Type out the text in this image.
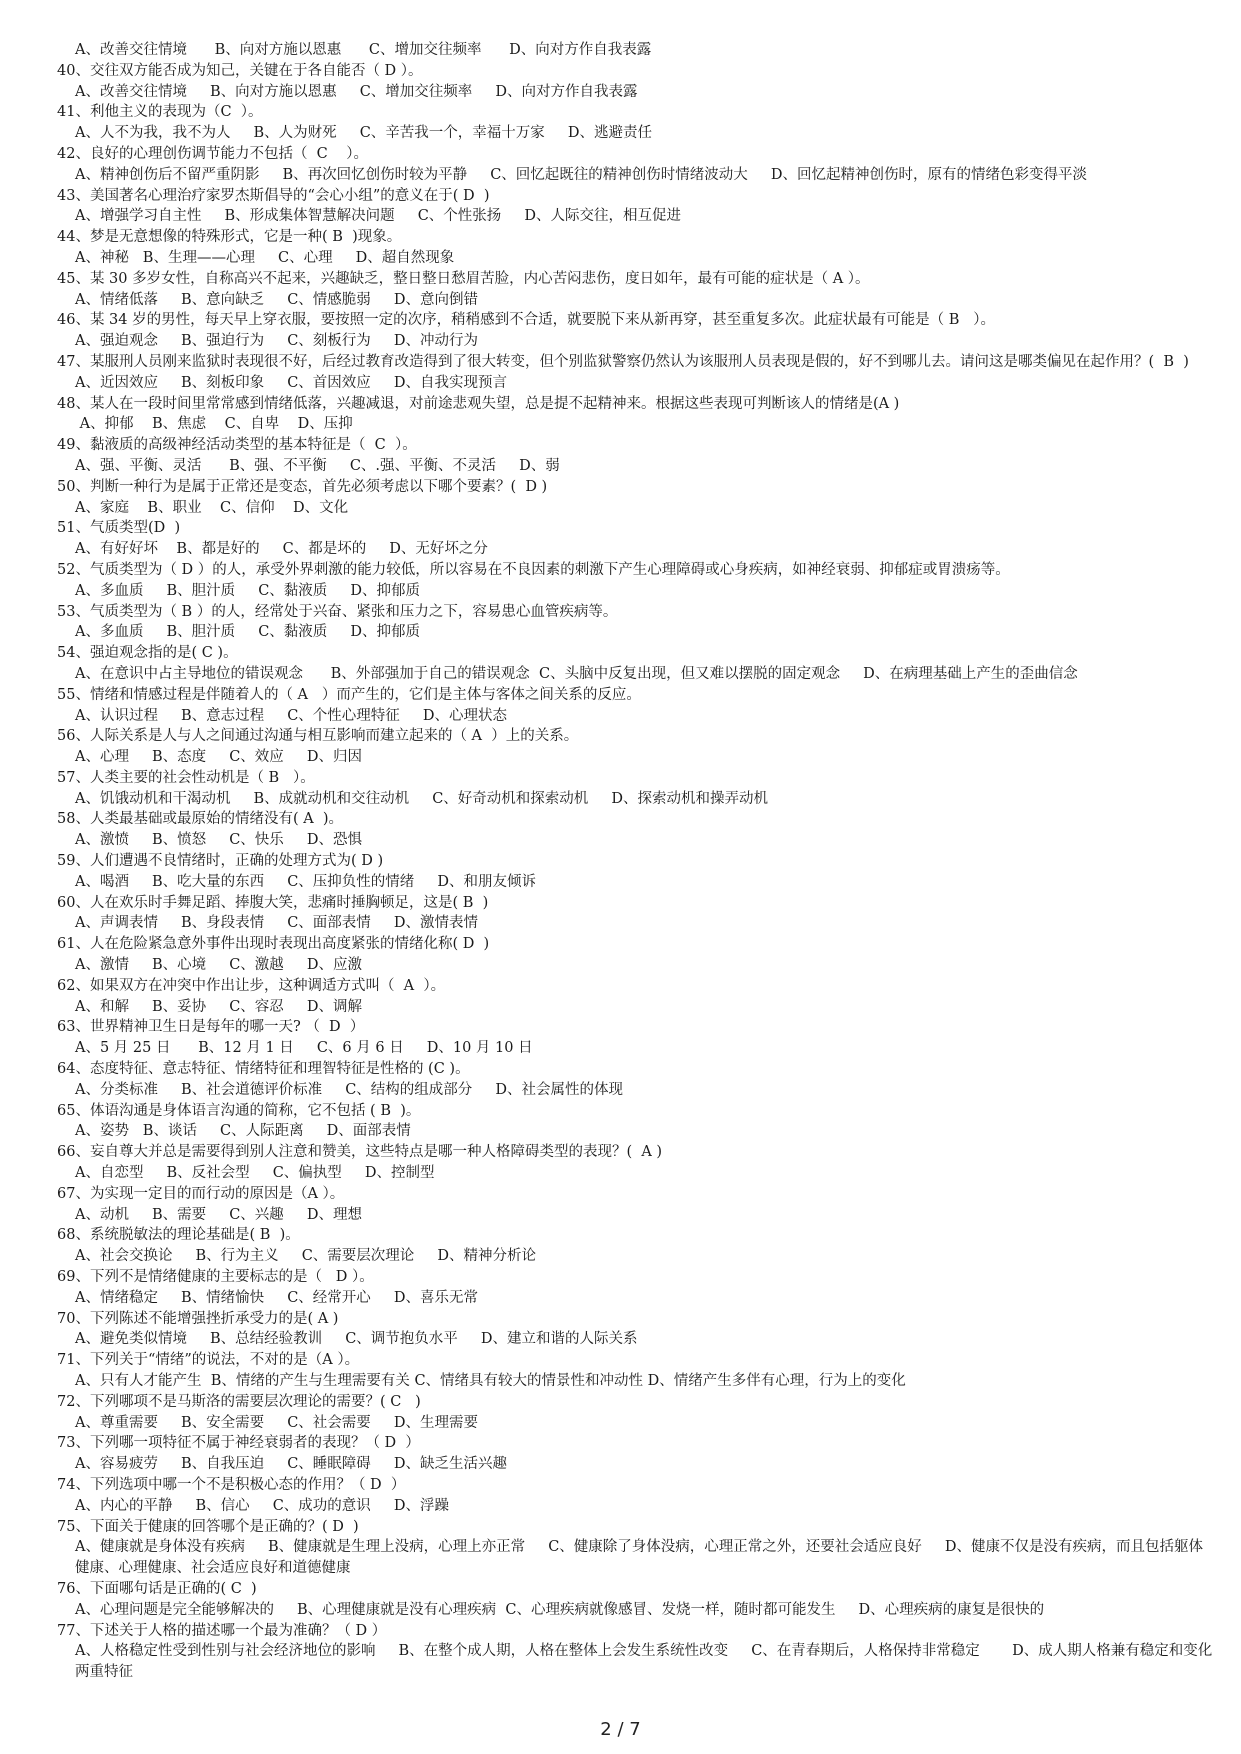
A、改善交往情境      B、向对方施以恩惠      C、增加交往频率      D、向对方作自我表露
40、交往双方能否成为知己，关键在于各自能否（ D ）。
A、改善交往情境     B、向对方施以恩惠     C、增加交往频率     D、向对方作自我表露
41、利他主义的表现为（C  ）。
A、人不为我，我不为人     B、人为财死     C、辛苦我一个，幸福十万家     D、逃避责任
42、良好的心理创伤调节能力不包括（  C    ）。
A、精神创伤后不留严重阴影     B、再次回忆创伤时较为平静     C、回忆起既往的精神创伤时情绪波动大     D、回忆起精神创伤时，原有的情绪色彩变得平淡
43、美国著名心理治疗家罗杰斯倡导的“会心小组”的意义在于( D  )
A、增强学习自主性     B、形成集体智慧解决问题     C、个性张扬     D、人际交往，相互促进
44、梦是无意想像的特殊形式，它是一种( B  )现象。
A、神秘   B、生理——心理     C、心理     D、超自然现象
45、某 30 多岁女性，自称高兴不起来，兴趣缺乏，整日整日愁眉苦脸，内心苦闷悲伤，度日如年，最有可能的症状是（ A ）。
A、情绪低落     B、意向缺乏     C、情感脆弱     D、意向倒错
46、某 34 岁的男性，每天早上穿衣服，要按照一定的次序，稍稍感到不合适，就要脱下来从新再穿，甚至重复多次。此症状最有可能是（ B   ）。
A、强迫观念     B、强迫行为     C、刻板行为     D、冲动行为
47、某服刑人员刚来监狱时表现很不好，后经过教育改造得到了很大转变，但个别监狱警察仍然认为该服刑人员表现是假的，好不到哪儿去。请问这是哪类偏见在起作用？(  B  )
A、近因效应     B、刻板印象     C、首因效应     D、自我实现预言
48、某人在一段时间里常常感到情绪低落，兴趣减退，对前途悲观失望，总是提不起精神来。根据这些表现可判断该人的情绪是(A )
A、抑郁    B、焦虑    C、自卑    D、压抑
49、黏液质的高级神经活动类型的基本特征是（  C  ）。
A、强、平衡、灵活      B、强、不平衡     C、.强、平衡、不灵活     D、弱
50、判断一种行为是属于正常还是变态，首先必须考虑以下哪个要素？(  D )
A、家庭    B、职业    C、信仰    D、文化
51、气质类型(D  )
A、有好好坏    B、都是好的     C、都是坏的     D、无好坏之分
52、气质类型为（ D ）的人，承受外界刺激的能力较低，所以容易在不良因素的刺激下产生心理障碍或心身疾病，如神经衰弱、抑郁症或胃溃疡等。
A、多血质     B、胆汁质     C、黏液质     D、抑郁质
53、气质类型为（ B ）的人，经常处于兴奋、紧张和压力之下，容易患心血管疾病等。
A、多血质     B、胆汁质     C、黏液质     D、抑郁质
54、强迫观念指的是( C )。
A、在意识中占主导地位的错误观念      B、外部强加于自己的错误观念  C、头脑中反复出现，但又难以摆脱的固定观念     D、在病理基础上产生的歪曲信念
55、情绪和情感过程是伴随着人的（ A   ）而产生的，它们是主体与客体之间关系的反应。
A、认识过程     B、意志过程     C、个性心理特征     D、心理状态
56、人际关系是人与人之间通过沟通与相互影响而建立起来的（ A  ）上的关系。
A、心理     B、态度     C、效应     D、归因
57、人类主要的社会性动机是（ B   ）。
A、饥饿动机和干渴动机     B、成就动机和交往动机     C、好奇动机和探索动机     D、探索动机和操弄动机
58、人类最基础或最原始的情绪没有( A  )。
A、激愤     B、愤怒     C、快乐     D、恐惧
59、人们遭遇不良情绪时，正确的处理方式为( D )
A、喝酒     B、吃大量的东西     C、压抑负性的情绪     D、和朋友倾诉
60、人在欢乐时手舞足蹈、捧腹大笑，悲痛时捶胸顿足，这是( B  )
A、声调表情     B、身段表情     C、面部表情     D、激情表情
61、人在危险紧急意外事件出现时表现出高度紧张的情绪化称( D  )
A、激情     B、心境     C、激越     D、应激
62、如果双方在冲突中作出让步，这种调适方式叫（  A  ）。
A、和解     B、妥协     C、容忍     D、调解
63、世界精神卫生日是每年的哪一天? （  D  ）
A、5 月 25 日      B、12 月 1 日     C、6 月 6 日     D、10 月 10 日
64、态度特征、意志特征、情绪特征和理智特征是性格的 (C )。
A、分类标准     B、社会道德评价标准     C、结构的组成部分     D、社会属性的体现
65、体语沟通是身体语言沟通的简称，它不包括 ( B  )。
A、姿势   B、谈话     C、人际距离     D、面部表情
66、妄自尊大并总是需要得到别人注意和赞美，这些特点是哪一种人格障碍类型的表现？(  A )
A、自恋型     B、反社会型     C、偏执型     D、控制型
67、为实现一定目的而行动的原因是（A ）。
A、动机     B、需要     C、兴趣     D、理想
68、系统脱敏法的理论基础是( B  )。
A、社会交换论     B、行为主义     C、需要层次理论     D、精神分析论
69、下列不是情绪健康的主要标志的是（   D ）。
A、情绪稳定     B、情绪愉快     C、经常开心     D、喜乐无常
70、下列陈述不能增强挫折承受力的是( A )
A、避免类似情境     B、总结经验教训     C、调节抱负水平     D、建立和谐的人际关系
71、下列关于“情绪”的说法，不对的是（A ）。
A、只有人才能产生  B、情绪的产生与生理需要有关 C、情绪具有较大的情景性和冲动性 D、情绪产生多伴有心理，行为上的变化
72、下列哪项不是马斯洛的需要层次理论的需要？( C   )
A、尊重需要     B、安全需要     C、社会需要     D、生理需要
73、下列哪一项特征不属于神经衰弱者的表现？（ D  ）
A、容易疲劳     B、自我压迫     C、睡眠障碍     D、缺乏生活兴趣
74、下列选项中哪一个不是积极心态的作用？（ D  ）
A、内心的平静     B、信心     C、成功的意识     D、浮躁
75、下面关于健康的回答哪个是正确的？( D  )
A、健康就是身体没有疾病     B、健康就是生理上没病，心理上亦正常     C、健康除了身体没病，心理正常之外，还要社会适应良好     D、健康不仅是没有疾病，而且包括躯体健康、心理健康、社会适应良好和道德健康
76、下面哪句话是正确的( C  )
A、心理问题是完全能够解决的     B、心理健康就是没有心理疾病  C、心理疾病就像感冒、发烧一样，随时都可能发生     D、心理疾病的康复是很快的
77、下述关于人格的描述哪一个最为准确？（ D ）
A、人格稳定性受到性别与社会经济地位的影响     B、在整个成人期，人格在整体上会发生系统性改变     C、在青春期后，人格保持非常稳定       D、成人期人格兼有稳定和变化两重特征
2 / 7
